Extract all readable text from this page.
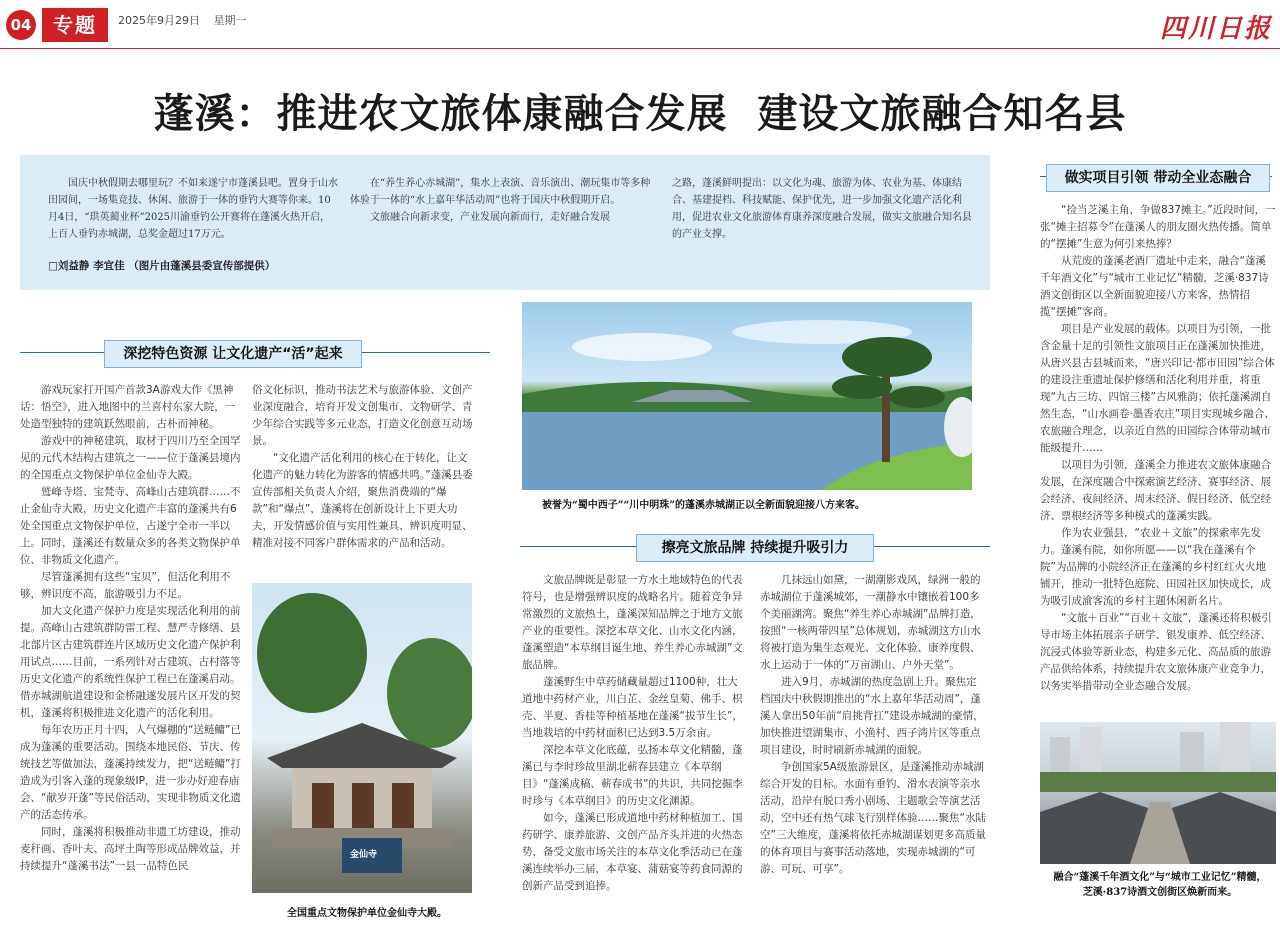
04	专题	2025年9月29日 星期一	四川日报
蓬溪：推进农文旅体康融合发展  建设文旅融合知名县

国庆中秋假期去哪里玩？不如来遂宁市蓬溪县吧。置身于山水田园间，一场集竞技、休闲、旅游于一体的垂钓大赛等你来。10月4日，“珙英蔺业杯”2025川渝垂钓公开赛将在蓬溪火热开启，上百人垂钓赤城湖，总奖金超过17万元。

在“养生养心赤城湖”，集水上表演、音乐演出、潮玩集市等多种体验于一体的“水上嘉年华活动周”也将于国庆中秋假期开启。

文旅融合向新求变，产业发展向新而行，走好融合发展

之路，蓬溪鲜明提出：以文化为魂、旅游为体、农业为基、体康结合、基建提档、科技赋能、保护优先，进一步加强文化遗产活化利用，促进农业文化旅游体育康养深度融合发展，做实文旅融合知名县的产业支撑。

□刘益静 李宜佳 （图片由蓬溪县委宣传部提供）
深挖特色资源 让文化遗产“活”起来
擦亮文旅品牌 持续提升吸引力
做实项目引领 带动全业态融合
被誉为“蜀中西子”“川中明珠”的蓬溪赤城湖正以全新面貌迎接八方来客。
金仙寺
全国重点文物保护单位金仙寺大殿。
融合“蓬溪千年酒文化”与“城市工业记忆”精髓，芝溪·837诗酒文创街区焕新而来。

游戏玩家打开国产首款3A游戏大作《黑神话：悟空》，进入地图中的兰喜村东家大院，一处造型独特的建筑跃然眼前，古朴而神秘。

游戏中的神秘建筑，取材于四川乃至全国罕见的元代木结构古建筑之一——位于蓬溪县境内的全国重点文物保护单位金仙寺大殿。

鹫峰寺塔、宝梵寺、高峰山古建筑群……不止金仙寺大殿，历史文化遗产丰富的蓬溪共有6处全国重点文物保护单位，占遂宁全市一半以上。同时，蓬溪还有数量众多的各类文物保护单位、非物质文化遗产。

尽管蓬溪拥有这些“宝贝”，但活化利用不够，辨识度不高，旅游吸引力不足。

加大文化遗产保护力度是实现活化利用的前提。高峰山古建筑群防雷工程、慧严寺修缮、县北部片区古建筑群连片区域历史文化遗产保护利用试点……目前，一系列针对古建筑、古村落等历史文化遗产的系统性保护工程已在蓬溪启动。借赤城湖航道建设和金桥融遂发展片区开发的契机，蓬溪将积极推进文化遗产的活化利用。

每年农历正月十四，人气爆棚的“送鲢鳙”已成为蓬溪的重要活动。围绕本地民俗、节庆、传统技艺等做加法，蓬溪持续发力，把“送鲢鳙”打造成为引客入蓬的现象级IP，进一步办好迎春庙会、“献岁开蓬”等民俗活动，实现非物质文化遗产的活态传承。

同时，蓬溪将积极推动非遗工坊建设，推动麦秆画、香叶夫、高坪土陶等形成品牌效益，并持续提升“蓬溪书法”一县一品特色民

俗文化标识，推动书法艺术与旅游体验、文创产业深度融合，培育开发文创集市、文物研学、青少年综合实践等多元业态，打造文化创意互动场景。

“文化遗产活化利用的核心在于转化，让文化遗产的魅力转化为游客的情感共鸣。”蓬溪县委宣传部相关负责人介绍，聚焦消费端的“爆款”和“爆点”，蓬溪将在创新设计上下更大功夫，开发情感价值与实用性兼具、辨识度明显、精准对接不同客户群体需求的产品和活动。

文旅品牌既是彰显一方水土地域特色的代表符号，也是增强辨识度的战略名片。随着竞争异常激烈的文旅热土，蓬溪深知品牌之于地方文旅产业的重要性。深挖本草文化、山水文化内涵，蓬溪塑造“本草纲目诞生地、养生养心赤城湖”文旅品牌。

蓬溪野生中草药储藏量超过1100种，壮大道地中药材产业，川白芷、金丝皇菊、佛手、枳壳、半夏、香桂等种植基地在蓬溪“拔节生长”，当地栽培的中药材面积已达到3.5万余亩。

深挖本草文化底蕴，弘扬本草文化精髓，蓬溪已与李时珍故里湖北蕲春县建立《本草纲目》“蓬溪成稿、蕲春成书”的共识，共同挖掘李时珍与《本草纲目》的历史文化渊源。

如今，蓬溪已形成道地中药材种植加工、国药研学、康养旅游、文创产品齐头并进的火热态势，备受文旅市场关注的本草文化季活动已在蓬溪连续举办三届，本草宴、蒲菇宴等药食同源的创新产品受到追捧。

几抹远山如黛，一湖潮影戏风，绿洲一般的赤城湖位于蓬溪城郊，一潮静水中镶嵌着100多个美丽湖湾。聚焦“养生养心赤城湖”品牌打造，按照“一核两带四星”总体规划，赤城湖这方山水将被打造为集生态观光、文化体验、康养度假、水上运动于一体的“万亩湖山、户外天堂”。

进入9月，赤城湖的热度急剧上升。聚焦定档国庆中秋假期推出的“水上嘉年华活动周”，蓬溪人拿出50年前“肩挑背扛”建设赤城湖的豪情，加快推进望湖集市、小渔村、西子湾片区等重点项目建设，时时刷新赤城湖的面貌。

争创国家5A级旅游景区，是蓬溪推动赤城湖综合开发的目标。水面有垂钓、滑水表演等亲水活动，沿岸有脱口秀小剧场、主题歌会等演艺活动，空中还有热气球飞行别样体验……聚焦“水陆空”三大维度，蓬溪将依托赤城湖谋划更多高质量的体育项目与赛事活动落地，实现赤城湖的“可游、可玩、可享”。

“捡当芝溪主角，争做837摊主。”近段时间，一张“摊主招募令”在蓬溪人的朋友圈火热传播。简单的“摆摊”生意为何引来热捧？

从荒废的蓬溪老酒厂遗址中走来，融合“蓬溪千年酒文化”与“城市工业记忆”精髓，芝溪·837诗酒文创街区以全新面貌迎接八方来客，热情招揽“摆摊”客商。

项目是产业发展的载体。以项目为引领，一批含金量十足的引领性文旅项目正在蓬溪加快推进，从唐兴县古县城而来，“唐兴印记·都市田园”综合体的建设注重遗址保护修缮和活化利用并重，将重现“九古三坊、四馆三楼”古风雅韵；依托蓬溪湖自然生态，“山水画卷·墨香农庄”项目实现城乡融合、农旅融合理念，以亲近自然的田园综合体带动城市能级提升……

以项目为引领，蓬溪全力推进农文旅体康融合发展，在深度融合中探索演艺经济、赛事经济、展会经济、夜间经济、周末经济、假日经济、低空经济、票根经济等多种模式的蓬溪实践。

作为农业强县，“农业＋文旅”的探索率先发力。蓬溪有院，如你所愿——以“我在蓬溪有个院”为品牌的小院经济正在蓬溪的乡村红红火火地铺开，推动一批特色庭院、田园社区加快成长，成为吸引成渝客流的乡村主题休闲新名片。

“文旅＋百业”“百业＋文旅”，蓬溪还将积极引导市场主体拓展亲子研学、银发康养、低空经济、沉浸式体验等新业态，构建多元化、高品质的旅游产品供给体系，持续提升农文旅体康产业竞争力，以务实举措带动全业态融合发展。
